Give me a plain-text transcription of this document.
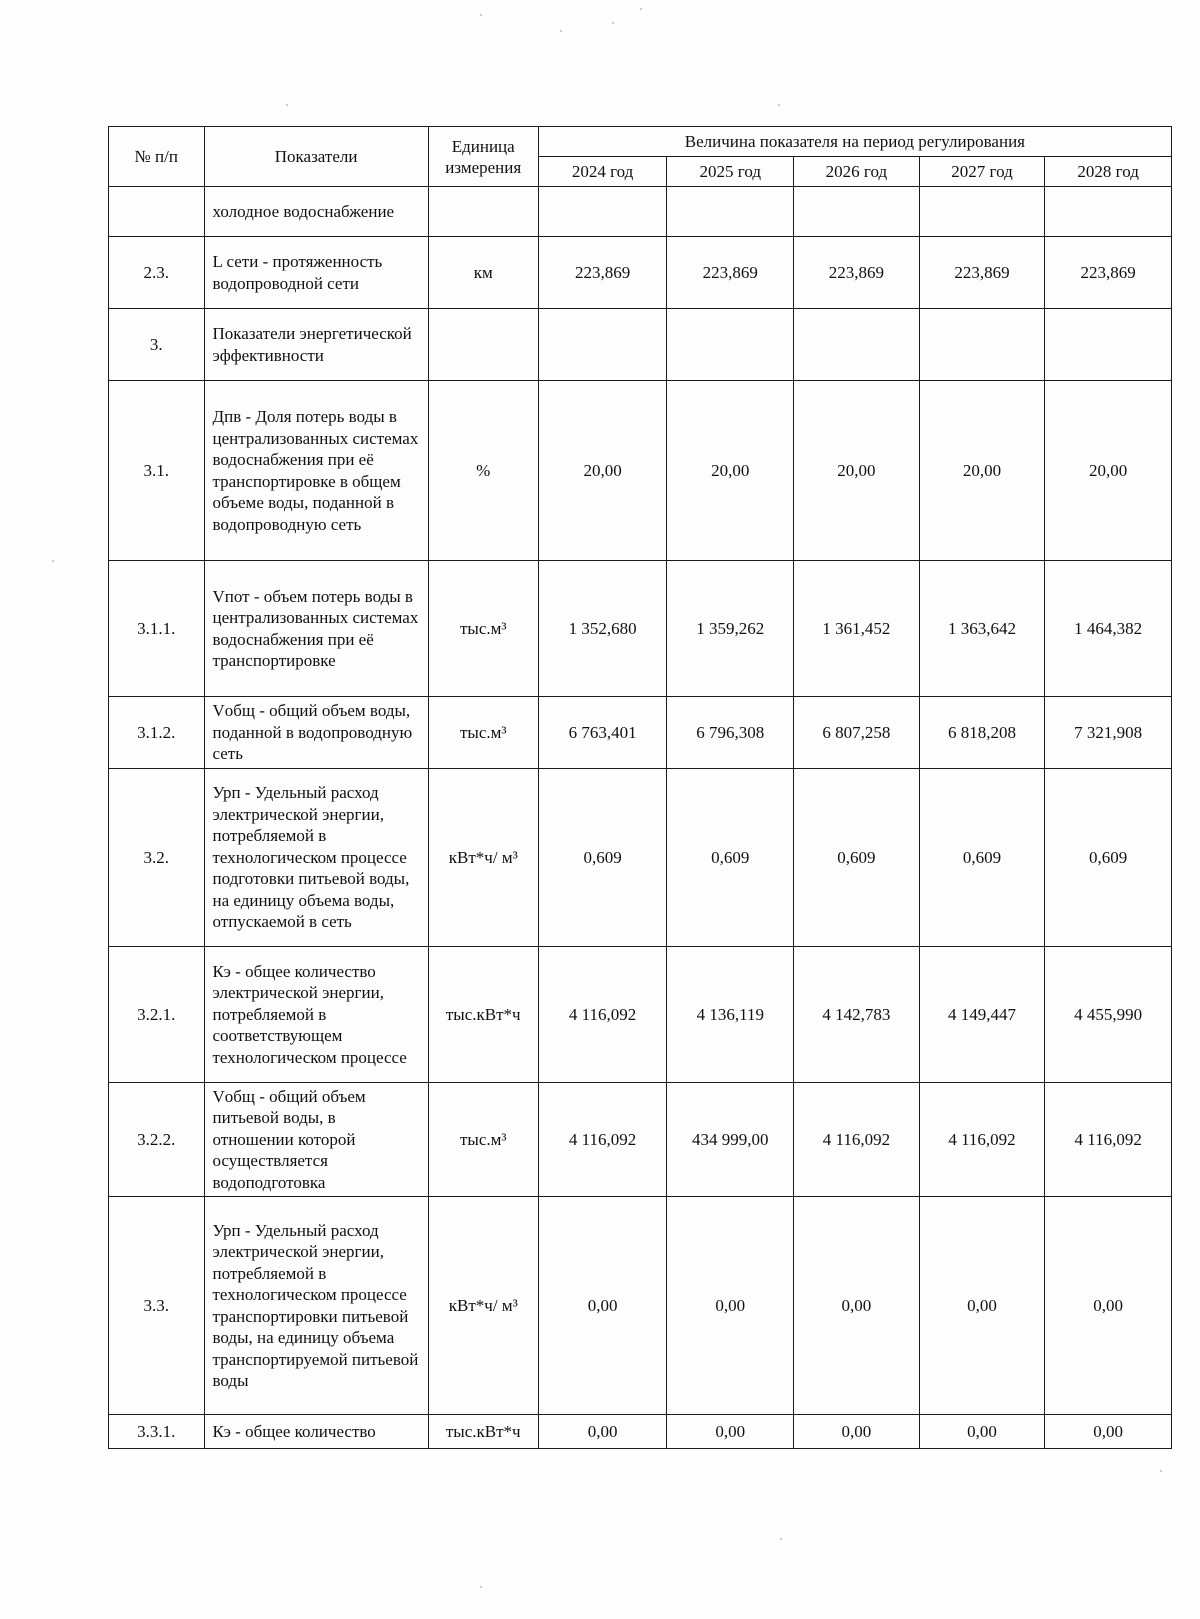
№ п/п	Показатели	Единица измерения	Величина показателя на период регулирования				
			2024 год	2025 год	2026 год	2027 год	2028 год
	холодное водоснабжение						
2.3.	L сети - протяженность водопроводной сети	км	223,869	223,869	223,869	223,869	223,869
3.	Показатели энергетической эффективности						
3.1.	Дпв - Доля потерь воды в централизованных системах водоснабжения при её транспортировке в общем объеме воды, поданной в водопроводную сеть	%	20,00	20,00	20,00	20,00	20,00
3.1.1.	Vпот - объем потерь воды в централизованных системах водоснабжения при её транспортировке	тыс.м³	1 352,680	1 359,262	1 361,452	1 363,642	1 464,382
3.1.2.	Vобщ - общий объем воды, поданной в водопроводную сеть	тыс.м³	6 763,401	6 796,308	6 807,258	6 818,208	7 321,908
3.2.	Урп - Удельный расход электрической энергии, потребляемой в технологическом процессе подготовки питьевой воды, на единицу объема воды, отпускаемой в сеть	кВт*ч/ м³	0,609	0,609	0,609	0,609	0,609
3.2.1.	Кэ - общее количество электрической энергии, потребляемой в соответствующем технологическом процессе	тыс.кВт*ч	4 116,092	4 136,119	4 142,783	4 149,447	4 455,990
3.2.2.	Vобщ - общий объем питьевой воды, в отношении которой осуществляется водоподготовка	тыс.м³	4 116,092	434 999,00	4 116,092	4 116,092	4 116,092
3.3.	Урп - Удельный расход электрической энергии, потребляемой в технологическом процессе транспортировки питьевой воды, на единицу объема транспортируемой питьевой воды	кВт*ч/ м³	0,00	0,00	0,00	0,00	0,00
3.3.1.	Кэ - общее количество	тыс.кВт*ч	0,00	0,00	0,00	0,00	0,00
